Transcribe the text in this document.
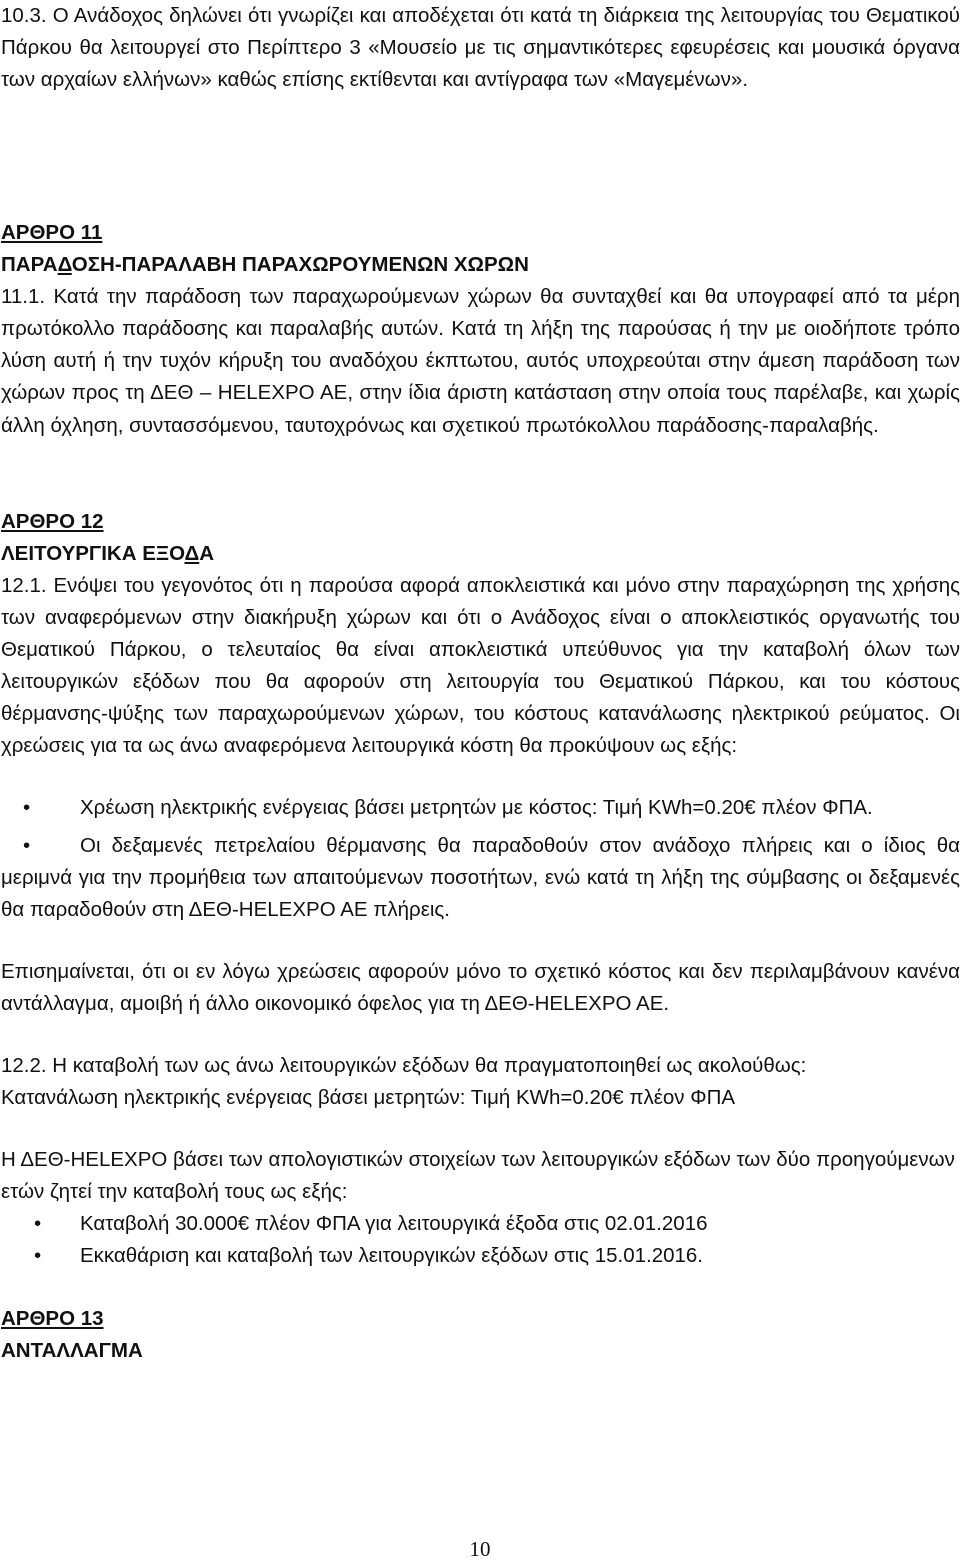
10.3. Ο Ανάδοχος δηλώνει ότι γνωρίζει και αποδέχεται ότι κατά τη διάρκεια της λειτουργίας του Θεματικού Πάρκου θα λειτουργεί στο Περίπτερο 3 «Μουσείο με τις σημαντικότερες εφευρέσεις και μουσικά όργανα των αρχαίων ελλήνων» καθώς επίσης εκτίθενται και αντίγραφα των «Μαγεμένων».

ΑΡΘΡΟ 11

ΠΑΡΑΔΟΣΗ-ΠΑΡΑΛΑΒΗ ΠΑΡΑΧΩΡΟΥΜΕΝΩΝ ΧΩΡΩΝ

11.1. Κατά την παράδοση των παραχωρούμενων χώρων θα συνταχθεί και θα υπογραφεί από τα μέρη πρωτόκολλο παράδοσης και παραλαβής αυτών. Κατά τη λήξη της παρούσας ή την με οιοδήποτε τρόπο λύση αυτή ή την τυχόν κήρυξη του αναδόχου έκπτωτου, αυτός υποχρεούται στην άμεση παράδοση των χώρων προς τη ΔΕΘ – HELEXPO AE, στην ίδια άριστη κατάσταση στην οποία τους παρέλαβε, και χωρίς άλλη όχληση, συντασσόμενου, ταυτοχρόνως και σχετικού πρωτόκολλου παράδοσης-παραλαβής.

ΑΡΘΡΟ 12

ΛΕΙΤΟΥΡΓΙΚΑ ΕΞΟΔΑ

12.1. Ενόψει του γεγονότος ότι η παρούσα αφορά αποκλειστικά και μόνο στην παραχώρηση της χρήσης των αναφερόμενων στην διακήρυξη χώρων και ότι ο Ανάδοχος είναι ο αποκλειστικός οργανωτής του Θεματικού Πάρκου, ο τελευταίος θα είναι αποκλειστικά υπεύθυνος για την καταβολή όλων των λειτουργικών εξόδων που θα αφορούν στη λειτουργία του Θεματικού Πάρκου, και του κόστους θέρμανσης-ψύξης των παραχωρούμενων χώρων, του κόστους κατανάλωσης ηλεκτρικού ρεύματος. Οι χρεώσεις για τα ως άνω αναφερόμενα λειτουργικά κόστη θα προκύψουν ως εξής:

•	Χρέωση ηλεκτρικής ενέργειας βάσει μετρητών με κόστος: Τιμή KWh=0.20€ πλέον ΦΠΑ.
•	Οι δεξαμενές πετρελαίου θέρμανσης θα παραδοθούν στον ανάδοχο πλήρεις και ο ίδιος θα μεριμνά για την προμήθεια των απαιτούμενων ποσοτήτων, ενώ κατά τη λήξη της σύμβασης οι δεξαμενές θα παραδοθούν στη ΔΕΘ-HELEXPO AE πλήρεις.

Επισημαίνεται, ότι οι εν λόγω χρεώσεις αφορούν μόνο το σχετικό κόστος και δεν περιλαμβάνουν κανένα αντάλλαγμα, αμοιβή ή άλλο οικονομικό όφελος για τη ΔΕΘ-HELEXPO AE.

12.2. Η καταβολή των ως άνω λειτουργικών εξόδων θα πραγματοποιηθεί ως ακολούθως:

Κατανάλωση ηλεκτρικής ενέργειας βάσει μετρητών: Τιμή KWh=0.20€ πλέον ΦΠΑ

Η ΔΕΘ-HELEXPO βάσει των απολογιστικών στοιχείων των λειτουργικών εξόδων των δύο προηγούμενων ετών ζητεί την καταβολή τους ως εξής:

•	Καταβολή 30.000€ πλέον ΦΠΑ για λειτουργικά έξοδα στις 02.01.2016
•	Εκκαθάριση και καταβολή των λειτουργικών εξόδων στις 15.01.2016.

ΑΡΘΡΟ 13

ΑΝΤΑΛΛΑΓΜΑ

10
